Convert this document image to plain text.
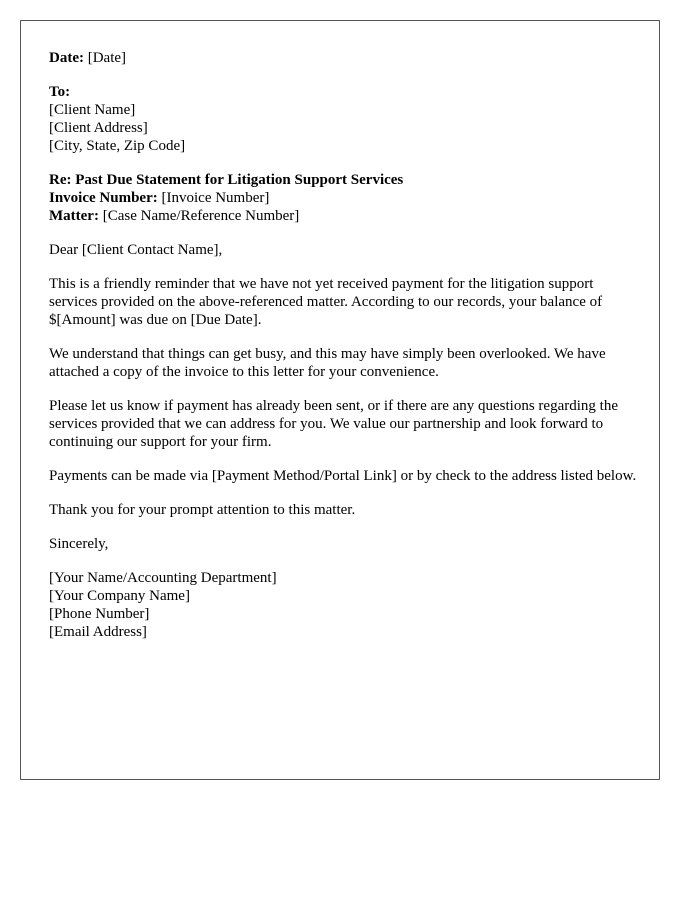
Date: [Date]
To:
[Client Name]
[Client Address]
[City, State, Zip Code]
Re: Past Due Statement for Litigation Support Services
Invoice Number: [Invoice Number]
Matter: [Case Name/Reference Number]
Dear [Client Contact Name],
This is a friendly reminder that we have not yet received payment for the litigation support services provided on the above-referenced matter. According to our records, your balance of $[Amount] was due on [Due Date].
We understand that things can get busy, and this may have simply been overlooked. We have attached a copy of the invoice to this letter for your convenience.
Please let us know if payment has already been sent, or if there are any questions regarding the services provided that we can address for you. We value our partnership and look forward to continuing our support for your firm.
Payments can be made via [Payment Method/Portal Link] or by check to the address listed below.
Thank you for your prompt attention to this matter.
Sincerely,
[Your Name/Accounting Department]
[Your Company Name]
[Phone Number]
[Email Address]
